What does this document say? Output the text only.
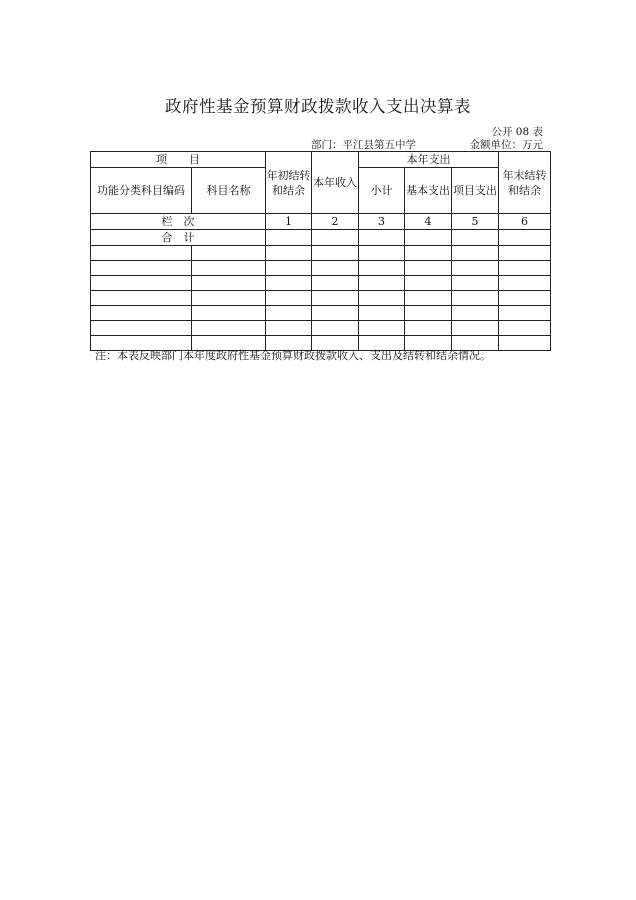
政府性基金预算财政拨款收入支出决算表
公开 08 表
部门：平江县第五中学	金额单位：万元
项　　目		年初结转和结余	本年收入	本年支出			年末结转和结余
功能分类科目编码	科目名称			小计	基本支出	项目支出	
栏　次		1	2	3	4	5	6
合　计							

注：本表反映部门本年度政府性基金预算财政拨款收入、支出及结转和结余情况。
